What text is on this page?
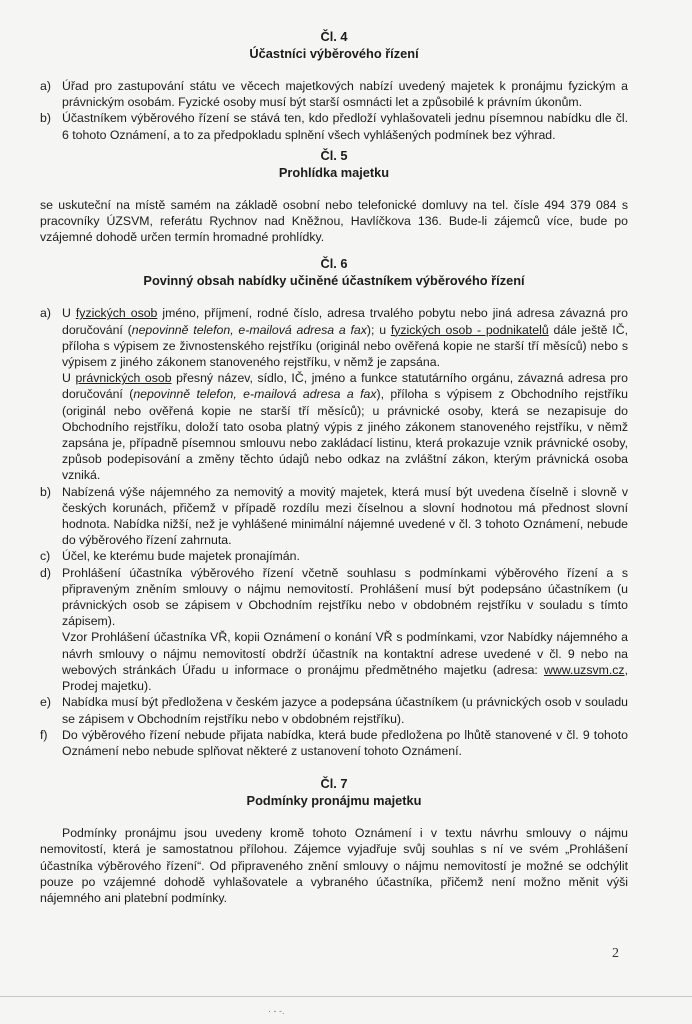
Čl. 4
Účastníci výběrového řízení

a) Úřad pro zastupování státu ve věcech majetkových nabízí uvedený majetek k pronájmu fyzickým a právnickým osobám. Fyzické osoby musí být starší osmnácti let a způsobilé k právním úkonům.

b) Účastníkem výběrového řízení se stává ten, kdo předloží vyhlašovateli jednu písemnou nabídku dle čl. 6 tohoto Oznámení, a to za předpokladu splnění všech vyhlášených podmínek bez výhrad.

Čl. 5
Prohlídka majetku

se uskuteční na místě samém na základě osobní nebo telefonické domluvy na tel. čísle 494 379 084 s pracovníky ÚZSVM, referátu Rychnov nad Kněžnou, Havlíčkova 136. Bude-li zájemců více, bude po vzájemné dohodě určen termín hromadné prohlídky.

Čl. 6
Povinný obsah nabídky učiněné účastníkem výběrového řízení

a) U fyzických osob jméno, příjmení, rodné číslo, adresa trvalého pobytu nebo jiná adresa závazná pro doručování (nepovinně telefon, e-mailová adresa a fax); u fyzických osob - podnikatelů dále ještě IČ, příloha s výpisem ze živnostenského rejstříku (originál nebo ověřená kopie ne starší tří měsíců) nebo s výpisem z jiného zákonem stanoveného rejstříku, v němž je zapsána.

U právnických osob přesný název, sídlo, IČ, jméno a funkce statutárního orgánu, závazná adresa pro doručování (nepovinně telefon, e-mailová adresa a fax), příloha s výpisem z Obchodního rejstříku (originál nebo ověřená kopie ne starší tří měsíců); u právnické osoby, která se nezapisuje do Obchodního rejstříku, doloží tato osoba platný výpis z jiného zákonem stanoveného rejstříku, v němž zapsána je, případně písemnou smlouvu nebo zakládací listinu, která prokazuje vznik právnické osoby, způsob podepisování a změny těchto údajů nebo odkaz na zvláštní zákon, kterým právnická osoba vzniká.

b) Nabízená výše nájemného za nemovitý a movitý majetek, která musí být uvedena číselně i slovně v českých korunách, přičemž v případě rozdílu mezi číselnou a slovní hodnotou má přednost slovní hodnota. Nabídka nižší, než je vyhlášené minimální nájemné uvedené v čl. 3 tohoto Oznámení, nebude do výběrového řízení zahrnuta.

c) Účel, ke kterému bude majetek pronajímán.

d) Prohlášení účastníka výběrového řízení včetně souhlasu s podmínkami výběrového řízení a s připraveným zněním smlouvy o nájmu nemovitostí. Prohlášení musí být podepsáno účastníkem (u právnických osob se zápisem v Obchodním rejstříku nebo v obdobném rejstříku v souladu s tímto zápisem).

Vzor Prohlášení účastníka VŘ, kopii Oznámení o konání VŘ s podmínkami, vzor Nabídky nájemného a návrh smlouvy o nájmu nemovitostí obdrží účastník na kontaktní adrese uvedené v čl. 9 nebo na webových stránkách Úřadu u informace o pronájmu předmětného majetku (adresa: www.uzsvm.cz, Prodej majetku).

e) Nabídka musí být předložena v českém jazyce a podepsána účastníkem (u právnických osob v souladu se zápisem v Obchodním rejstříku nebo v obdobném rejstříku).

f) Do výběrového řízení nebude přijata nabídka, která bude předložena po lhůtě stanovené v čl. 9 tohoto Oznámení nebo nebude splňovat některé z ustanovení tohoto Oznámení.

Čl. 7
Podmínky pronájmu majetku

Podmínky pronájmu jsou uvedeny kromě tohoto Oznámení i v textu návrhu smlouvy o nájmu nemovitostí, která je samostatnou přílohou. Zájemce vyjadřuje svůj souhlas s ní ve svém „Prohlášení účastníka výběrového řízení“. Od připraveného znění smlouvy o nájmu nemovitostí je možné se odchýlit pouze po vzájemné dohodě vyhlašovatele a vybraného účastníka, přičemž není možno měnit výši nájemného ani platební podmínky.

2
· - -.
